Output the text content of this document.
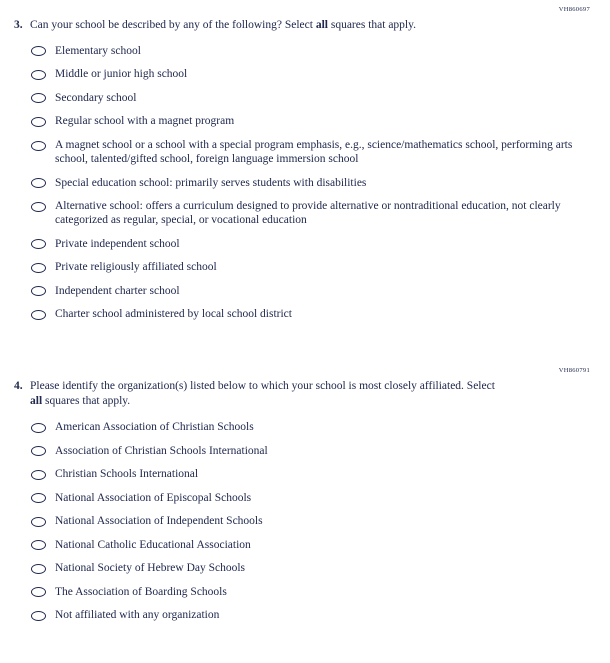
VH860697
3. Can your school be described by any of the following? Select all squares that apply.
Elementary school
Middle or junior high school
Secondary school
Regular school with a magnet program
A magnet school or a school with a special program emphasis, e.g., science/mathematics school, performing arts school, talented/gifted school, foreign language immersion school
Special education school: primarily serves students with disabilities
Alternative school: offers a curriculum designed to provide alternative or nontraditional education, not clearly categorized as regular, special, or vocational education
Private independent school
Private religiously affiliated school
Independent charter school
Charter school administered by local school district
VH860791
4. Please identify the organization(s) listed below to which your school is most closely affiliated. Select all squares that apply.
American Association of Christian Schools
Association of Christian Schools International
Christian Schools International
National Association of Episcopal Schools
National Association of Independent Schools
National Catholic Educational Association
National Society of Hebrew Day Schools
The Association of Boarding Schools
Not affiliated with any organization
